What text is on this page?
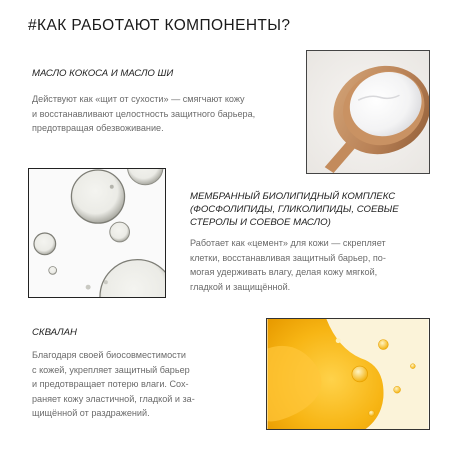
#КАК РАБОТАЮТ КОМПОНЕНТЫ?
МАСЛО КОКОСА И МАСЛО ШИ
Действуют как «щит от сухости» — смягчают кожу
и восстанавливают целостность защитного барьера,
предотвращая обезвоживание.
МЕМБРАННЫЙ БИОЛИПИДНЫЙ КОМПЛЕКС
(ФОСФОЛИПИДЫ, ГЛИКОЛИПИДЫ, СОЕВЫЕ
СТЕРОЛЫ И СОЕВОЕ МАСЛО)
Работает как «цемент» для кожи — скрепляет
клетки, восстанавливая защитный барьер, по-
могая удерживать влагу, делая кожу мягкой,
гладкой и защищённой.
СКВАЛАН
Благодаря своей биосовместимости
с кожей, укрепляет защитный барьер
и предотвращает потерю влаги. Сох-
раняет кожу эластичной, гладкой и за-
щищённой от раздражений.
